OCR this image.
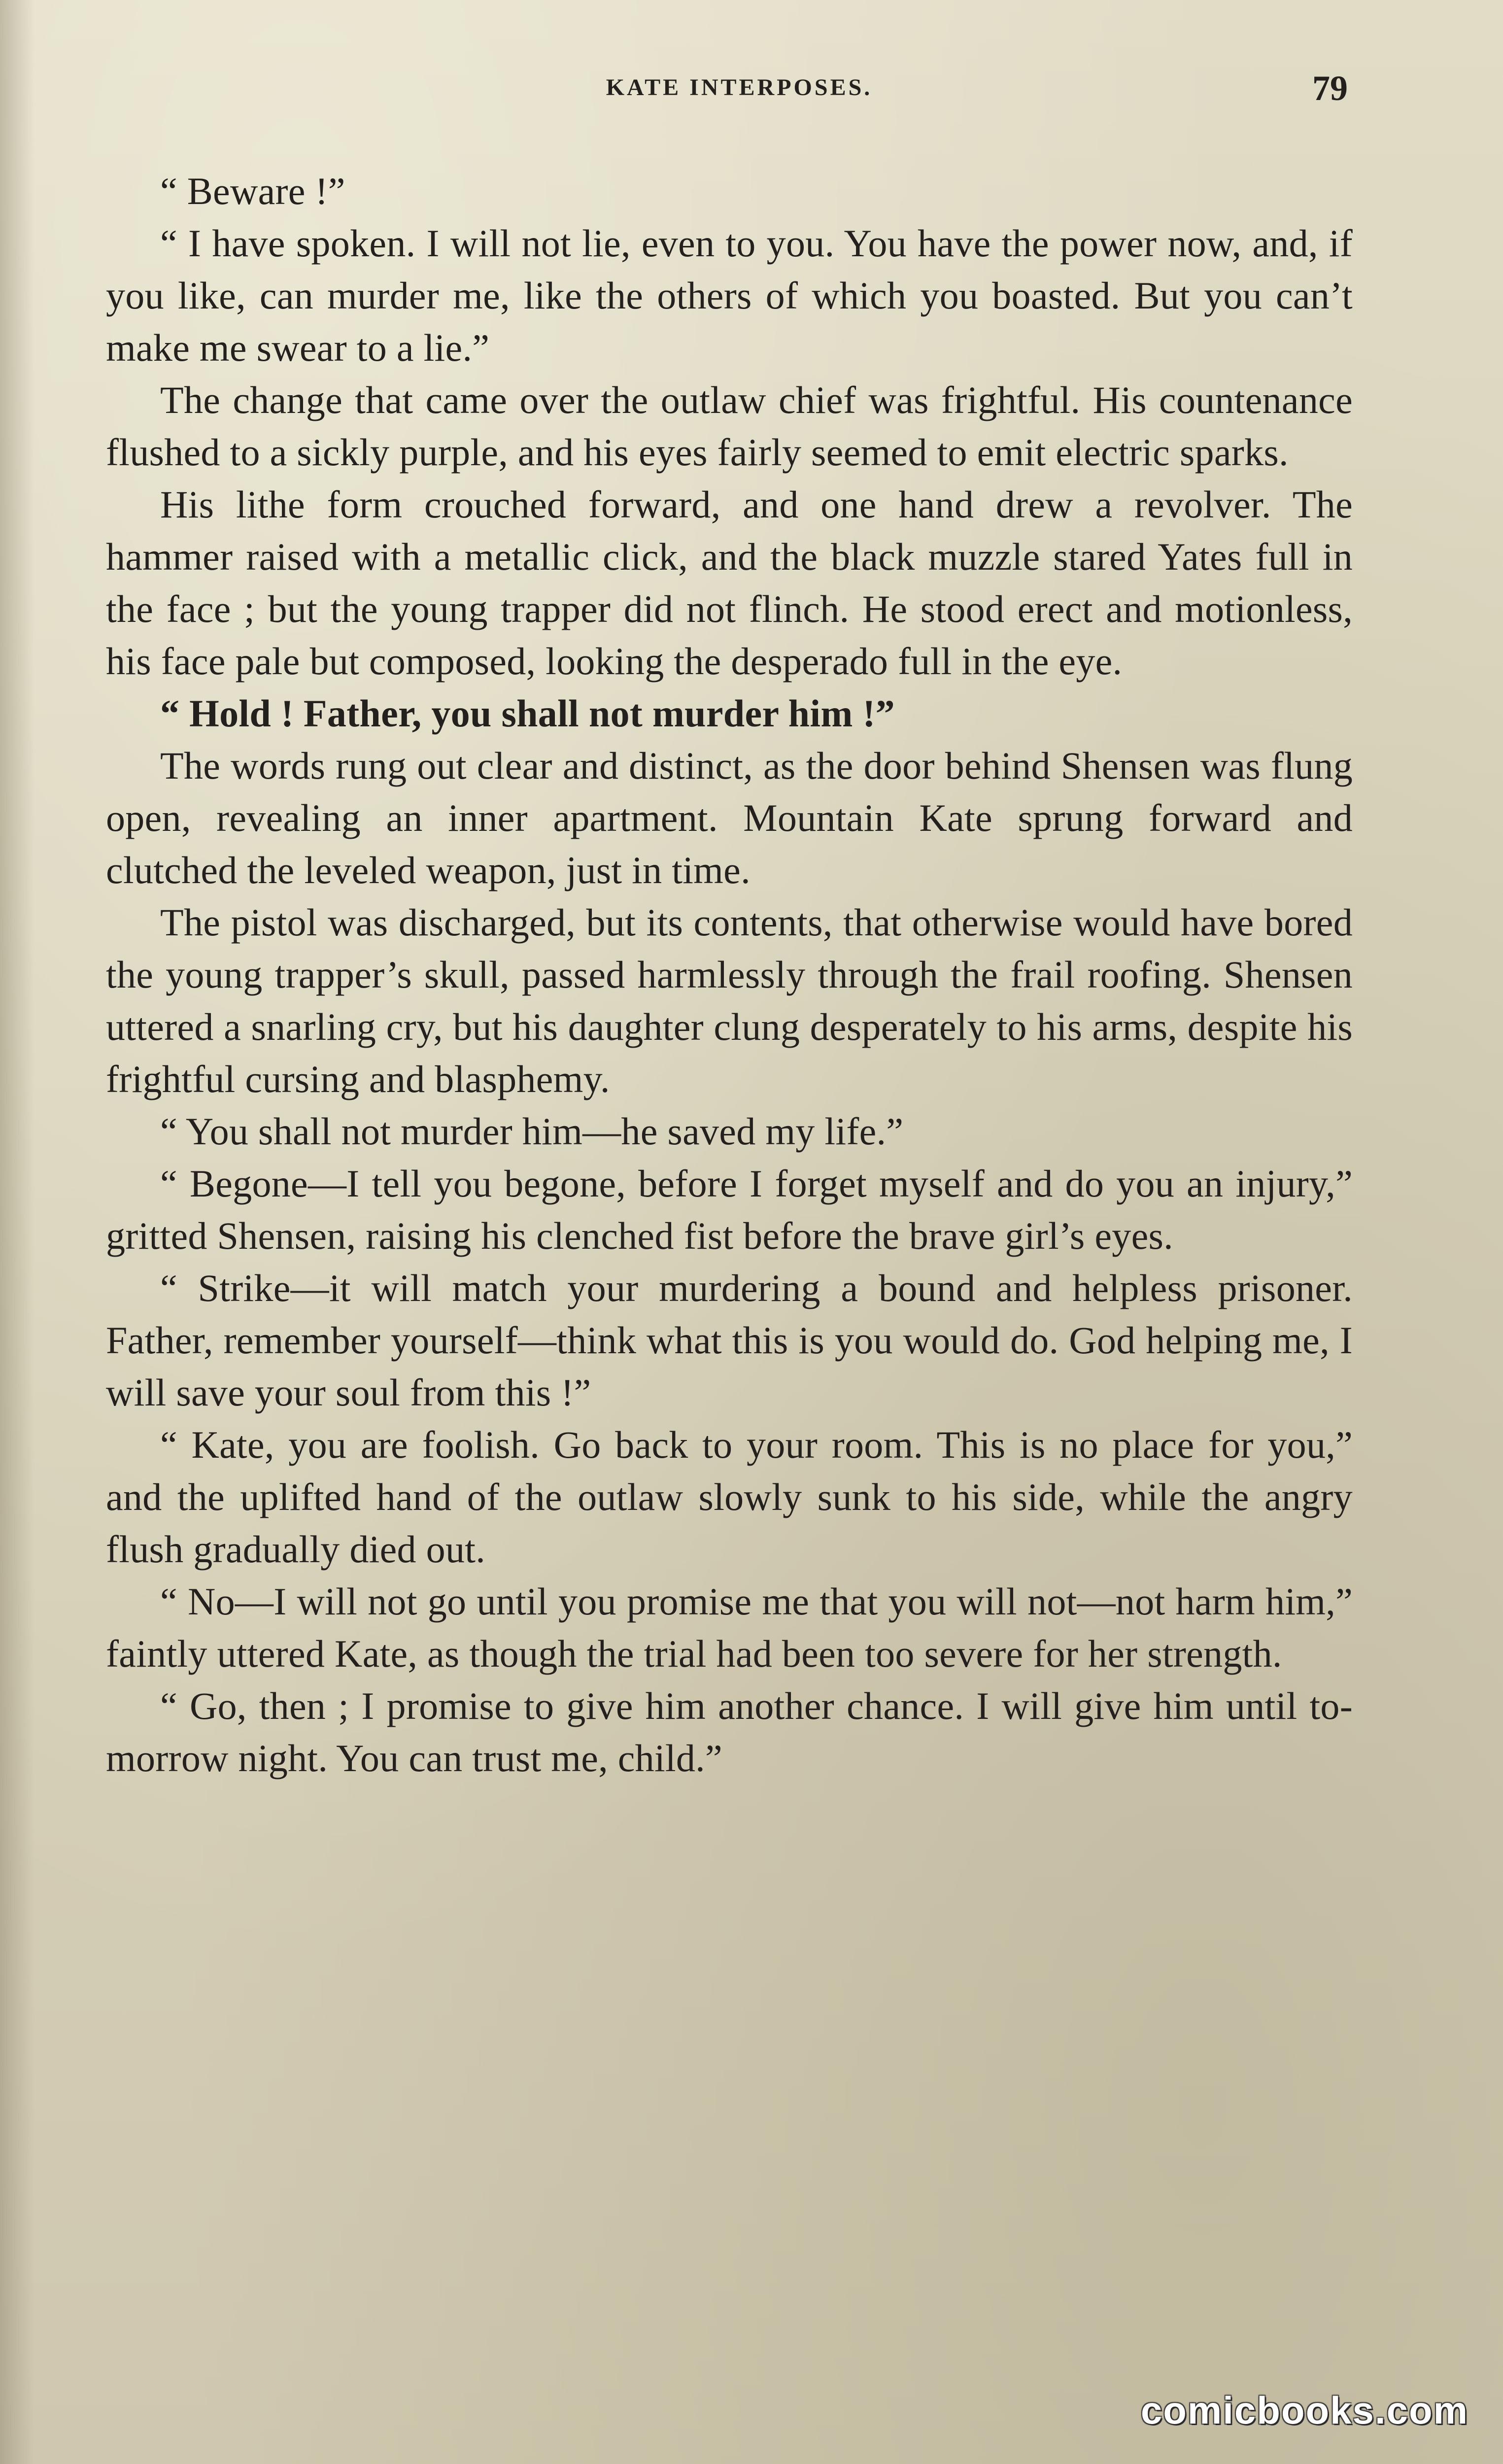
KATE INTERPOSES.	79

“ Beware !”

“ I have spoken. I will not lie, even to you. You have the power now, and, if you like, can murder me, like the others of which you boasted. But you can’t make me swear to a lie.”

The change that came over the outlaw chief was frightful. His countenance flushed to a sickly purple, and his eyes fairly seemed to emit electric sparks.

His lithe form crouched forward, and one hand drew a revolver. The hammer raised with a metallic click, and the black muzzle stared Yates full in the face ; but the young trapper did not flinch. He stood erect and motionless, his face pale but composed, looking the desperado full in the eye.

“ Hold ! Father, you shall not murder him !”

The words rung out clear and distinct, as the door behind Shensen was flung open, revealing an inner apartment. Mountain Kate sprung forward and clutched the leveled weapon, just in time.

The pistol was discharged, but its contents, that otherwise would have bored the young trapper’s skull, passed harmlessly through the frail roofing. Shensen uttered a snarling cry, but his daughter clung desperately to his arms, despite his frightful cursing and blasphemy.

“ You shall not murder him—he saved my life.”

“ Begone—I tell you begone, before I forget myself and do you an injury,” gritted Shensen, raising his clenched fist before the brave girl’s eyes.

“ Strike—it will match your murdering a bound and helpless prisoner. Father, remember yourself—think what this is you would do. God helping me, I will save your soul from this !”

“ Kate, you are foolish. Go back to your room. This is no place for you,” and the uplifted hand of the outlaw slowly sunk to his side, while the angry flush gradually died out.

“ No—I will not go until you promise me that you will not—not harm him,” faintly uttered Kate, as though the trial had been too severe for her strength.

“ Go, then ; I promise to give him another chance. I will give him until to-morrow night. You can trust me, child.”

comicbooks.com
